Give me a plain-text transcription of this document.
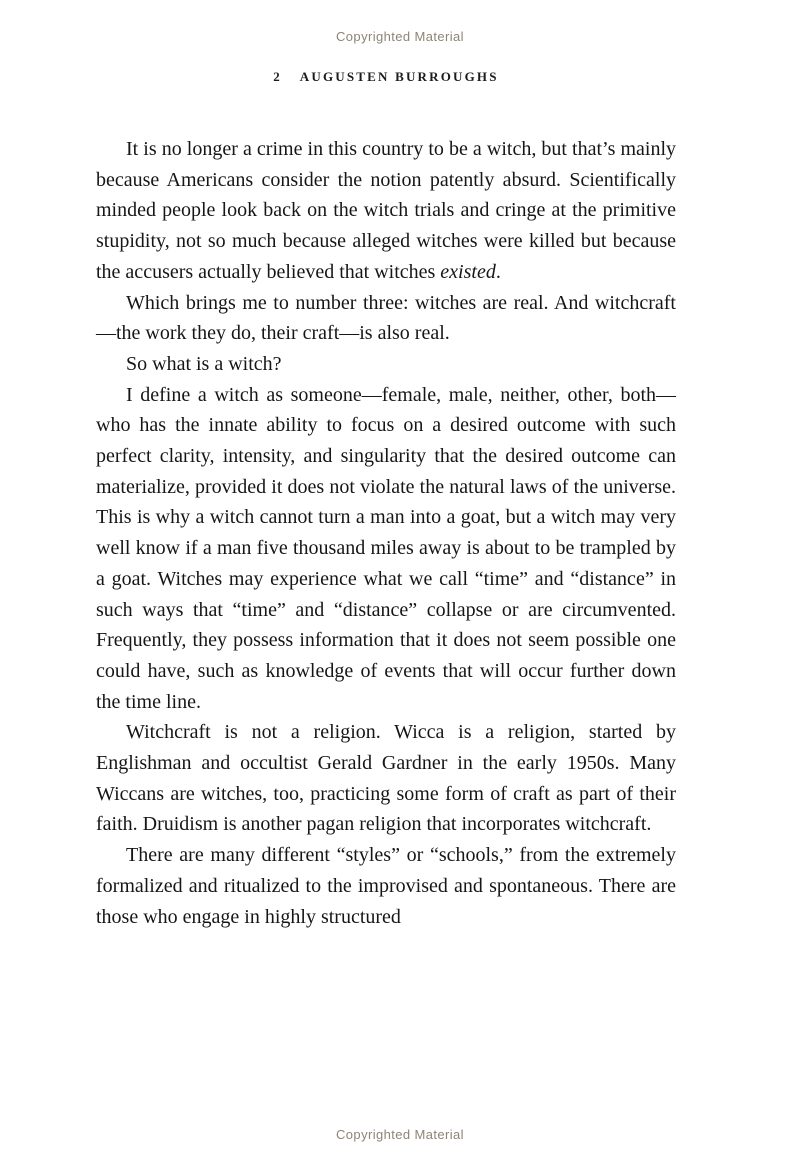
Copyrighted Material
2 AUGUSTEN BURROUGHS

It is no longer a crime in this country to be a witch, but that’s mainly because Americans consider the notion patently absurd. Scientifically minded people look back on the witch trials and cringe at the primitive stupidity, not so much because alleged witches were killed but because the accusers actually believed that witches existed.

Which brings me to number three: witches are real. And witchcraft—the work they do, their craft—is also real.

So what is a witch?

I define a witch as someone—female, male, neither, other, both—who has the innate ability to focus on a desired outcome with such perfect clarity, intensity, and singularity that the desired outcome can materialize, provided it does not violate the natural laws of the universe. This is why a witch cannot turn a man into a goat, but a witch may very well know if a man five thousand miles away is about to be trampled by a goat. Witches may experience what we call “time” and “distance” in such ways that “time” and “distance” collapse or are circumvented. Frequently, they possess information that it does not seem possible one could have, such as knowledge of events that will occur further down the time line.

Witchcraft is not a religion. Wicca is a religion, started by Englishman and occultist Gerald Gardner in the early 1950s. Many Wiccans are witches, too, practicing some form of craft as part of their faith. Druidism is another pagan religion that incorporates witchcraft.

There are many different “styles” or “schools,” from the extremely formalized and ritualized to the improvised and spontaneous. There are those who engage in highly structured

Copyrighted Material
